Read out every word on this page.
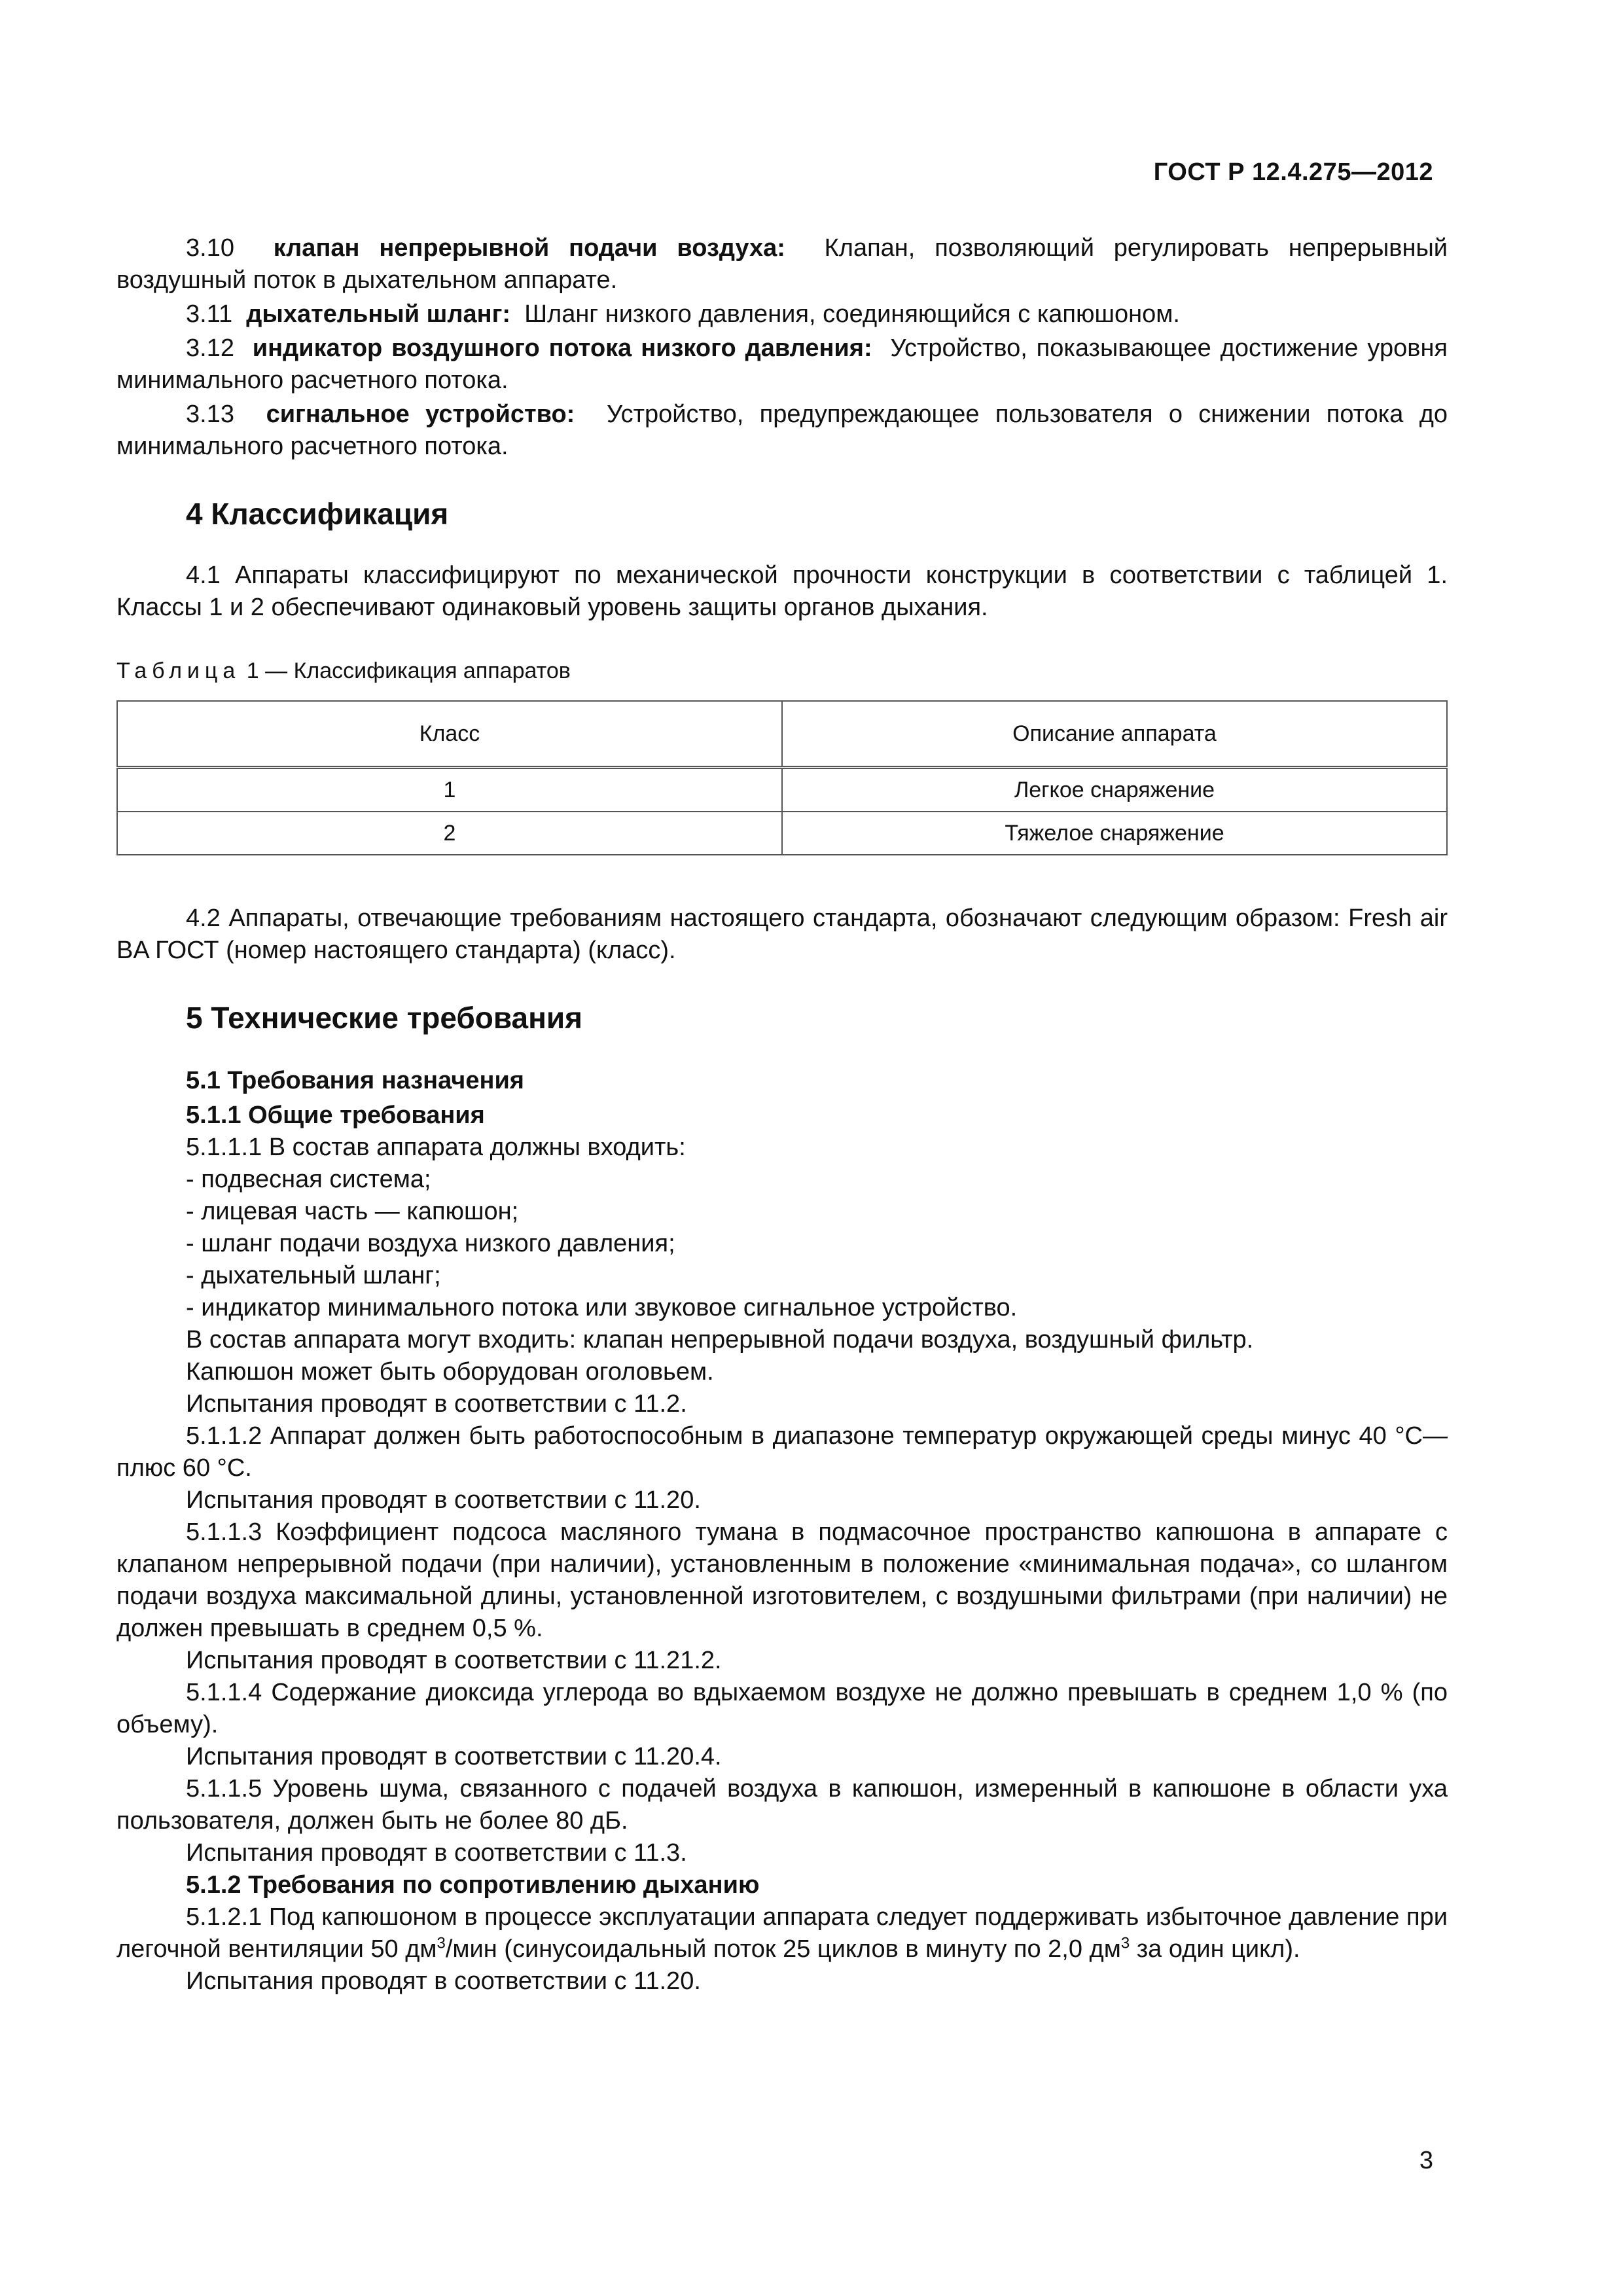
ГОСТ Р 12.4.275—2012

3.10 клапан непрерывной подачи воздуха: Клапан, позволяющий регулировать непрерывный воздушный поток в дыхательном аппарате.

3.11 дыхательный шланг: Шланг низкого давления, соединяющийся с капюшоном.

3.12 индикатор воздушного потока низкого давления: Устройство, показывающее достижение уровня минимального расчетного потока.

3.13 сигнальное устройство: Устройство, предупреждающее пользователя о снижении потока до минимального расчетного потока.

4 Классификация

4.1 Аппараты классифицируют по механической прочности конструкции в соответствии с таблицей 1. Классы 1 и 2 обеспечивают одинаковый уровень защиты органов дыхания.

Таблица 1 — Классификация аппаратов
Класс	Описание аппарата
1	Легкое снаряжение
2	Тяжелое снаряжение

4.2 Аппараты, отвечающие требованиям настоящего стандарта, обозначают следующим образом: Fresh air BA ГОСТ (номер настоящего стандарта) (класс).

5 Технические требования
5.1 Требования назначения
5.1.1 Общие требования

5.1.1.1 В состав аппарата должны входить:

- подвесная система;

- лицевая часть — капюшон;

- шланг подачи воздуха низкого давления;

- дыхательный шланг;

- индикатор минимального потока или звуковое сигнальное устройство.

В состав аппарата могут входить: клапан непрерывной подачи воздуха, воздушный фильтр.

Капюшон может быть оборудован оголовьем.

Испытания проводят в соответствии с 11.2.

5.1.1.2 Аппарат должен быть работоспособным в диапазоне температур окружающей среды минус 40 °С—плюс 60 °С.

Испытания проводят в соответствии с 11.20.

5.1.1.3 Коэффициент подсоса масляного тумана в подмасочное пространство капюшона в аппарате с клапаном непрерывной подачи (при наличии), установленным в положение «минимальная подача», со шлангом подачи воздуха максимальной длины, установленной изготовителем, с воздушными фильтрами (при наличии) не должен превышать в среднем 0,5 %.

Испытания проводят в соответствии с 11.21.2.

5.1.1.4 Содержание диоксида углерода во вдыхаемом воздухе не должно превышать в среднем 1,0 % (по объему).

Испытания проводят в соответствии с 11.20.4.

5.1.1.5 Уровень шума, связанного с подачей воздуха в капюшон, измеренный в капюшоне в области уха пользователя, должен быть не более 80 дБ.

Испытания проводят в соответствии с 11.3.

5.1.2 Требования по сопротивлению дыханию

5.1.2.1 Под капюшоном в процессе эксплуатации аппарата следует поддерживать избыточное давление при легочной вентиляции 50 $дм^3$/мин (синусоидальный поток 25 циклов в минуту по 2,0 $дм^3$ за один цикл).

Испытания проводят в соответствии с 11.20.

3
